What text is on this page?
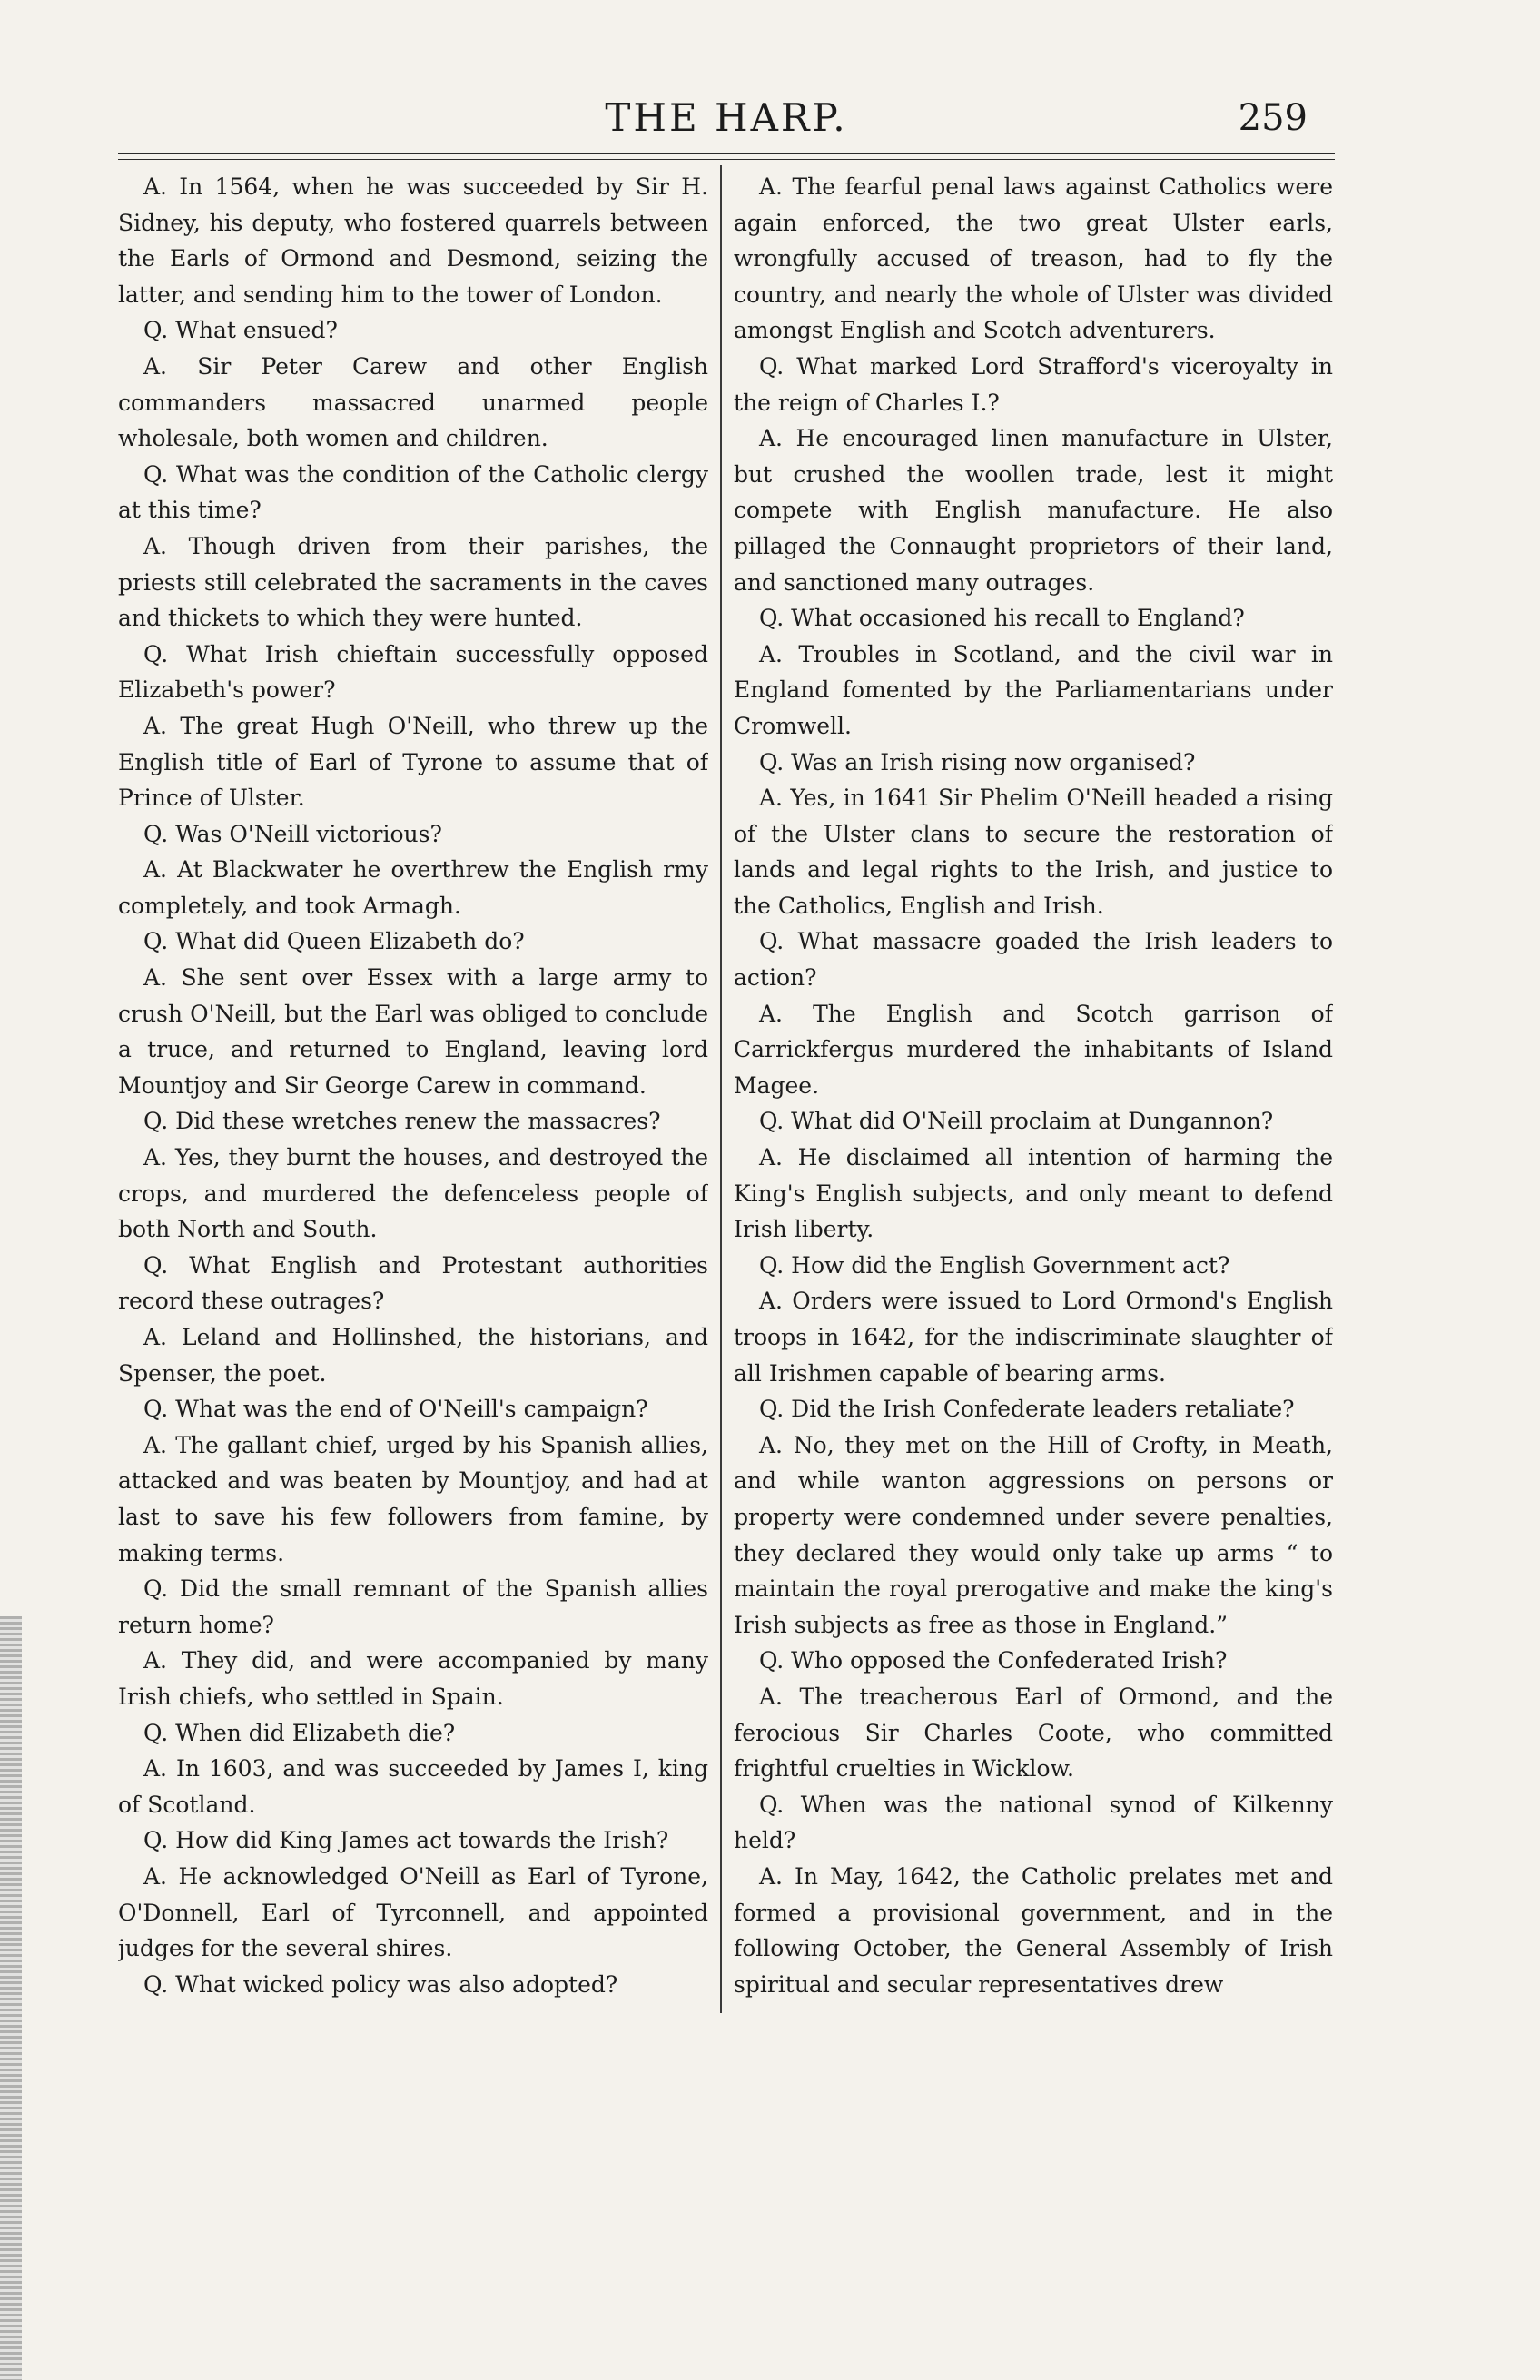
THE HARP.	259

A. In 1564, when he was succeeded by Sir H. Sidney, his deputy, who fostered quarrels between the Earls of Ormond and Desmond, seizing the latter, and sending him to the tower of London.

Q. What ensued?

A. Sir Peter Carew and other English commanders massacred unarmed people wholesale, both women and children.

Q. What was the condition of the Catholic clergy at this time?

A. Though driven from their parishes, the priests still celebrated the sacraments in the caves and thickets to which they were hunted.

Q. What Irish chieftain successfully opposed Elizabeth's power?

A. The great Hugh O'Neill, who threw up the English title of Earl of Tyrone to assume that of Prince of Ulster.

Q. Was O'Neill victorious?

A. At Blackwater he overthrew the English rmy completely, and took Armagh.

Q. What did Queen Elizabeth do?

A. She sent over Essex with a large army to crush O'Neill, but the Earl was obliged to conclude a truce, and returned to England, leaving lord Mountjoy and Sir George Carew in command.

Q. Did these wretches renew the massacres?

A. Yes, they burnt the houses, and destroyed the crops, and murdered the defenceless people of both North and South.

Q. What English and Protestant authorities record these outrages?

A. Leland and Hollinshed, the historians, and Spenser, the poet.

Q. What was the end of O'Neill's campaign?

A. The gallant chief, urged by his Spanish allies, attacked and was beaten by Mountjoy, and had at last to save his few followers from famine, by making terms.

Q. Did the small remnant of the Spanish allies return home?

A. They did, and were accompanied by many Irish chiefs, who settled in Spain.

Q. When did Elizabeth die?

A. In 1603, and was succeeded by James I, king of Scotland.

Q. How did King James act towards the Irish?

A. He acknowledged O'Neill as Earl of Tyrone, O'Donnell, Earl of Tyrconnell, and appointed judges for the several shires.

Q. What wicked policy was also adopted?

A. The fearful penal laws against Catholics were again enforced, the two great Ulster earls, wrongfully accused of treason, had to fly the country, and nearly the whole of Ulster was divided amongst English and Scotch adventurers.

Q. What marked Lord Strafford's viceroyalty in the reign of Charles I.?

A. He encouraged linen manufacture in Ulster, but crushed the woollen trade, lest it might compete with English manufacture. He also pillaged the Connaught proprietors of their land, and sanctioned many outrages.

Q. What occasioned his recall to England?

A. Troubles in Scotland, and the civil war in England fomented by the Parliamentarians under Cromwell.

Q. Was an Irish rising now organised?

A. Yes, in 1641 Sir Phelim O'Neill headed a rising of the Ulster clans to secure the restoration of lands and legal rights to the Irish, and justice to the Catholics, English and Irish.

Q. What massacre goaded the Irish leaders to action?

A. The English and Scotch garrison of Carrickfergus murdered the inhabitants of Island Magee.

Q. What did O'Neill proclaim at Dungannon?

A. He disclaimed all intention of harming the King's English subjects, and only meant to defend Irish liberty.

Q. How did the English Government act?

A. Orders were issued to Lord Ormond's English troops in 1642, for the indiscriminate slaughter of all Irishmen capable of bearing arms.

Q. Did the Irish Confederate leaders retaliate?

A. No, they met on the Hill of Crofty, in Meath, and while wanton aggressions on persons or property were condemned under severe penalties, they declared they would only take up arms “ to maintain the royal prerogative and make the king's Irish subjects as free as those in England.”

Q. Who opposed the Confederated Irish?

A. The treacherous Earl of Ormond, and the ferocious Sir Charles Coote, who committed frightful cruelties in Wicklow.

Q. When was the national synod of Kilkenny held?

A. In May, 1642, the Catholic prelates met and formed a provisional government, and in the following October, the General Assembly of Irish spiritual and secular representatives drew
